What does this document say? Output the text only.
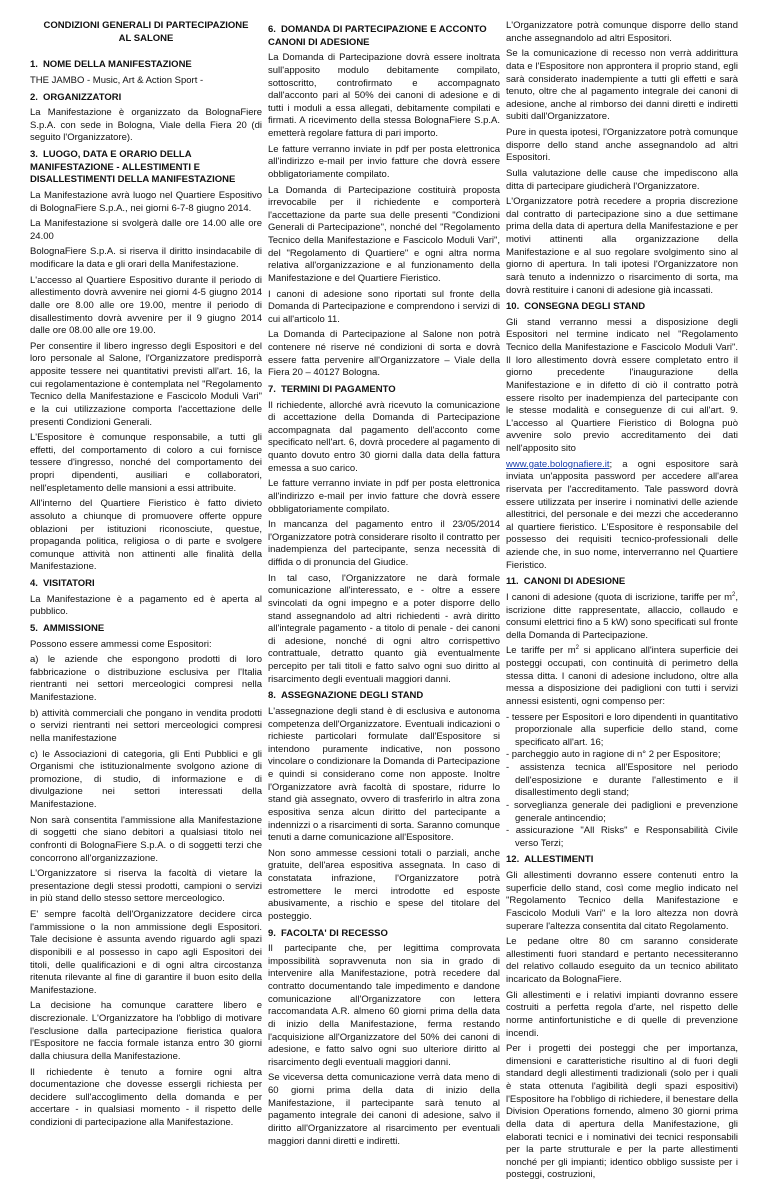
CONDIZIONI GENERALI DI PARTECIPAZIONE
AL SALONE
1. NOME DELLA MANIFESTAZIONE

THE JAMBO - Music, Art & Action Sport -

2. ORGANIZZATORI

La Manifestazione è organizzato da BolognaFiere S.p.A. con sede in Bologna, Viale della Fiera 20 (di seguito l'Organizzatore).

3. LUOGO, DATA E ORARIO DELLA MANIFESTAZIONE - ALLESTIMENTI E DISALLESTIMENTI DELLA MANIFESTAZIONE

La Manifestazione avrà luogo nel Quartiere Espositivo di BolognaFiere S.p.A., nei giorni 6-7-8 giugno 2014.

La Manifestazione si svolgerà dalle ore 14.00 alle ore 24.00

BolognaFiere S.p.A. si riserva il diritto insindacabile di modificare la data e gli orari della Manifestazione.

L'accesso al Quartiere Espositivo durante il periodo di allestimento dovrà avvenire nei giorni 4-5 giugno 2014 dalle ore 8.00 alle ore 19.00, mentre il periodo di disallestimento dovrà avvenire per il 9 giugno 2014 dalle ore 08.00 alle ore 19.00.

Per consentire il libero ingresso degli Espositori e del loro personale al Salone, l'Organizzatore predisporrà apposite tessere nei quantitativi previsti all'art. 16, la cui regolamentazione è contemplata nel "Regolamento Tecnico della Manifestazione e Fascicolo Moduli Vari" e la cui utilizzazione comporta l'accettazione delle presenti Condizioni Generali.

L'Espositore è comunque responsabile, a tutti gli effetti, del comportamento di coloro a cui fornisce tessere d'ingresso, nonché del comportamento dei propri dipendenti, ausiliari e collaboratori, nell'espletamento delle mansioni a essi attribuite.

All'interno del Quartiere Fieristico è fatto divieto assoluto a chiunque di promuovere offerte oppure oblazioni per istituzioni riconosciute, questue, propaganda politica, religiosa o di parte e svolgere comunque attività non attinenti alle finalità della Manifestazione.

4. VISITATORI

La Manifestazione è a pagamento ed è aperta al pubblico.

5. AMMISSIONE

Possono essere ammessi come Espositori:

a) le aziende che espongono prodotti di loro fabbricazione o distribuzione esclusiva per l'Italia rientranti nei settori merceologici compresi nella Manifestazione.

b) attività commerciali che pongano in vendita prodotti o servizi rientranti nei settori merceologici compresi nella manifestazione

c) le Associazioni di categoria, gli Enti Pubblici e gli Organismi che istituzionalmente svolgono azione di promozione, di studio, di informazione e di divulgazione nei settori interessati della Manifestazione.

Non sarà consentita l'ammissione alla Manifestazione di soggetti che siano debitori a qualsiasi titolo nei confronti di BolognaFiere S.p.A. o di soggetti terzi che concorrono all'organizzazione.

L'Organizzatore si riserva la facoltà di vietare la presentazione degli stessi prodotti, campioni o servizi in più stand dello stesso settore merceologico.

E' sempre facoltà dell'Organizzatore decidere circa l'ammissione o la non ammissione degli Espositori. Tale decisione è assunta avendo riguardo agli spazi disponibili e al possesso in capo agli Espositori dei titoli, delle qualificazioni e di ogni altra circostanza ritenuta rilevante al fine di garantire il buon esito della Manifestazione.

La decisione ha comunque carattere libero e discrezionale. L'Organizzatore ha l'obbligo di motivare l'esclusione dalla partecipazione fieristica qualora l'Espositore ne faccia formale istanza entro 30 giorni dalla chiusura della Manifestazione.

Il richiedente è tenuto a fornire ogni altra documentazione che dovesse essergli richiesta per decidere sull'accoglimento della domanda e per accertare - in qualsiasi momento - il rispetto delle condizioni di partecipazione alla Manifestazione.

6. DOMANDA DI PARTECIPAZIONE E ACCONTO CANONI DI ADESIONE

La Domanda di Partecipazione dovrà essere inoltrata sull'apposito modulo debitamente compilato, sottoscritto, controfirmato e accompagnato dall'acconto pari al 50% dei canoni di adesione e di tutti i moduli a essa allegati, debitamente compilati e firmati. A ricevimento della stessa BolognaFiere S.p.A. emetterà regolare fattura di pari importo.

Le fatture verranno inviate in pdf per posta elettronica all'indirizzo e-mail per invio fatture che dovrà essere obbligatoriamente compilato.

La Domanda di Partecipazione costituirà proposta irrevocabile per il richiedente e comporterà l'accettazione da parte sua delle presenti "Condizioni Generali di Partecipazione", nonché del "Regolamento Tecnico della Manifestazione e Fascicolo Moduli Vari", del "Regolamento di Quartiere" e ogni altra norma relativa all'organizzazione e al funzionamento della Manifestazione e del Quartiere Fieristico.

I canoni di adesione sono riportati sul fronte della Domanda di Partecipazione e comprendono i servizi di cui all'articolo 11.

La Domanda di Partecipazione al Salone non potrà contenere né riserve né condizioni di sorta e dovrà essere fatta pervenire all'Organizzatore – Viale della Fiera 20 – 40127 Bologna.

7. TERMINI DI PAGAMENTO

Il richiedente, allorché avrà ricevuto la comunicazione di accettazione della Domanda di Partecipazione accompagnata dal pagamento dell'acconto come specificato nell'art. 6, dovrà procedere al pagamento di quanto dovuto entro 30 giorni dalla data della fattura emessa a suo carico.

Le fatture verranno inviate in pdf per posta elettronica all'indirizzo e-mail per invio fatture che dovrà essere obbligatoriamente compilato.

In mancanza del pagamento entro il 23/05/2014 l'Organizzatore potrà considerare risolto il contratto per inadempienza del partecipante, senza necessità di diffida o di pronuncia del Giudice.

In tal caso, l'Organizzatore ne darà formale comunicazione all'interessato, e - oltre a essere svincolati da ogni impegno e a poter disporre dello stand assegnandolo ad altri richiedenti - avrà diritto all'integrale pagamento - a titolo di penale - dei canoni di adesione, nonché di ogni altro corrispettivo contrattuale, detratto quanto già eventualmente percepito per tali titoli e fatto salvo ogni suo diritto al risarcimento degli eventuali maggiori danni.

8. ASSEGNAZIONE DEGLI STAND

L'assegnazione degli stand è di esclusiva e autonoma competenza dell'Organizzatore. Eventuali indicazioni o richieste particolari formulate dall'Espositore si intendono puramente indicative, non possono vincolare o condizionare la Domanda di Partecipazione e quindi si considerano come non apposte. Inoltre l'Organizzatore avrà facoltà di spostare, ridurre lo stand già assegnato, ovvero di trasferirlo in altra zona espositiva senza alcun diritto del partecipante a indennizzi o a risarcimenti di sorta. Saranno comunque tenuti a darne comunicazione all'Espositore.

Non sono ammesse cessioni totali o parziali, anche gratuite, dell'area espositiva assegnata. In caso di constatata infrazione, l'Organizzatore potrà estromettere le merci introdotte ed esposte abusivamente, a rischio e spese del titolare del posteggio.

9. FACOLTA' DI RECESSO

Il partecipante che, per legittima comprovata impossibilità sopravvenuta non sia in grado di intervenire alla Manifestazione, potrà recedere dal contratto documentando tale impedimento e dandone comunicazione all'Organizzatore con lettera raccomandata A.R. almeno 60 giorni prima della data di inizio della Manifestazione, ferma restando l'acquisizione all'Organizzatore del 50% dei canoni di adesione, e fatto salvo ogni suo ulteriore diritto al risarcimento degli eventuali maggiori danni.

Se viceversa detta comunicazione verrà data meno di 60 giorni prima della data di inizio della Manifestazione, il partecipante sarà tenuto al pagamento integrale dei canoni di adesione, salvo il diritto all'Organizzatore al risarcimento per eventuali maggiori danni diretti e indiretti.

L'Organizzatore potrà comunque disporre dello stand anche assegnandolo ad altri Espositori.

Se la comunicazione di recesso non verrà addirittura data e l'Espositore non approntera il proprio stand, egli sarà considerato inadempiente a tutti gli effetti e sarà tenuto, oltre che al pagamento integrale dei canoni di adesione, anche al rimborso dei danni diretti e indiretti subiti dall'Organizzatore.

Pure in questa ipotesi, l'Organizzatore potrà comunque disporre dello stand anche assegnandolo ad altri Espositori.

Sulla valutazione delle cause che impediscono alla ditta di partecipare giudicherà l'Organizzatore.

L'Organizzatore potrà recedere a propria discrezione dal contratto di partecipazione sino a due settimane prima della data di apertura della Manifestazione e per motivi attinenti alla organizzazione della Manifestazione e al suo regolare svolgimento sino al giorno di apertura. In tali ipotesi l'Organizzatore non sarà tenuto a indennizzo o risarcimento di sorta, ma dovrà restituire i canoni di adesione già incassati.

10. CONSEGNA DEGLI STAND

Gli stand verranno messi a disposizione degli Espositori nel termine indicato nel "Regolamento Tecnico della Manifestazione e Fascicolo Moduli Vari". Il loro allestimento dovrà essere completato entro il giorno precedente l'inaugurazione della Manifestazione e in difetto di ciò il contratto potrà essere risolto per inadempienza del partecipante con le stesse modalità e conseguenze di cui all'art. 9. L'accesso al Quartiere Fieristico di Bologna può avvenire solo previo accreditamento dei dati nell'apposito sito

www.gate.bolognafiere.it; a ogni espositore sarà inviata un'apposita password per accedere all'area riservata per l'accreditamento. Tale password dovrà essere utilizzata per inserire i nominativi delle aziende allestitrici, del personale e dei mezzi che accederanno al quartiere fieristico. L'Espositore è responsabile del possesso dei requisiti tecnico-professionali delle aziende che, in suo nome, interverranno nel Quartiere Fieristico.

11. CANONI DI ADESIONE

I canoni di adesione (quota di iscrizione, tariffe per $m^2$, iscrizione ditte rappresentate, allaccio, collaudo e consumi elettrici fino a 5 kW) sono specificati sul fronte della Domanda di Partecipazione.

Le tariffe per $m^2$ si applicano all'intera superficie dei posteggi occupati, con continuità di perimetro della stessa ditta. I canoni di adesione includono, oltre alla messa a disposizione dei padiglioni con tutti i servizi annessi esistenti, ogni compenso per:

- tessere per Espositori e loro dipendenti in quantitativo proporzionale alla superficie dello stand, come specificato all'art. 16;
- parcheggio auto in ragione di n° 2 per Espositore;
- assistenza tecnica all'Espositore nel periodo dell'esposizione e durante l'allestimento e il disallestimento degli stand;
- sorveglianza generale dei padiglioni e prevenzione generale antincendio;
- assicurazione "All Risks" e Responsabilità Civile verso Terzi;
12. ALLESTIMENTI

Gli allestimenti dovranno essere contenuti entro la superficie dello stand, così come meglio indicato nel "Regolamento Tecnico della Manifestazione e Fascicolo Moduli Vari" e la loro altezza non dovrà superare l'altezza consentita dal citato Regolamento.

Le pedane oltre 80 cm saranno considerate allestimenti fuori standard e pertanto necessiteranno del relativo collaudo eseguito da un tecnico abilitato incaricato da BolognaFiere.

Gli allestimenti e i relativi impianti dovranno essere costruiti a perfetta regola d'arte, nel rispetto delle norme antinfortunistiche e di quelle di prevenzione incendi.

Per i progetti dei posteggi che per importanza, dimensioni e caratteristiche risultino al di fuori degli standard degli allestimenti tradizionali (solo per i quali è stata ottenuta l'agibilità degli spazi espositivi) l'Espositore ha l'obbligo di richiedere, il benestare della Division Operations fornendo, almeno 30 giorni prima della data di apertura della Manifestazione, gli elaborati tecnici e i nominativi dei tecnici responsabili per la parte strutturale e per la parte allestimenti nonché per gli impianti; identico obbligo sussiste per i posteggi, costruzioni,
